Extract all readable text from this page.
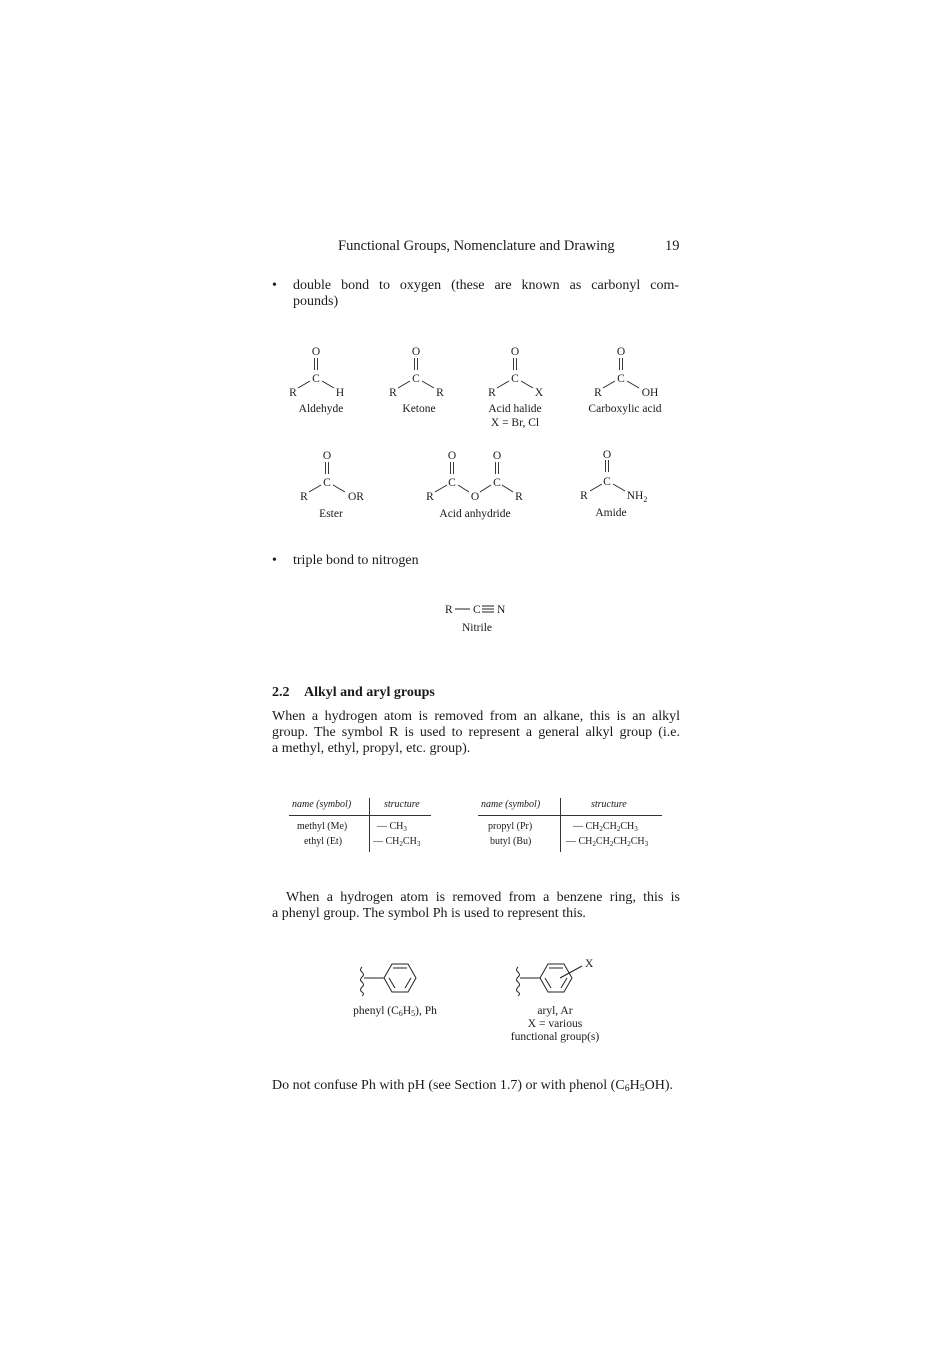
Functional Groups, Nomenclature and Drawing	19
• double bond to oxygen (these are known as carbonyl com-
pounds)
O
C
R	H
O
C
R	R
O
C
R	X
O
C
R	OH
O
C
R	OR
O	O
C	C
R	O	R
O
C
R	$NH_2$
Aldehyde	Ketone	Acid halide
X = Br, Cl
Carboxylic acid
Ester	Acid anhydride	Amide
• triple bond to nitrogen
R C N
Nitrile
2.2 Alkyl and aryl groups
When a hydrogen atom is removed from an alkane, this is an alkyl
group. The symbol R is used to represent a general alkyl group (i.e.
a methyl, ethyl, propyl, etc. group).
name (symbol)	structure
methyl (Me)	— $CH_3$
ethyl (Et)	— $CH_2CH_3$
name (symbol)	structure
propyl (Pr)	— $CH_2CH_2CH_3$
butyl (Bu)	— $CH_2CH_2CH_2CH_3$
When a hydrogen atom is removed from a benzene ring, this is
a phenyl group. The symbol Ph is used to represent this.
X
phenyl $(C_6H_5)$, Ph	aryl, Ar
X = various
functional group(s)
Do not confuse Ph with pH (see Section 1.7) or with phenol $(C_6H_5OH)$.
